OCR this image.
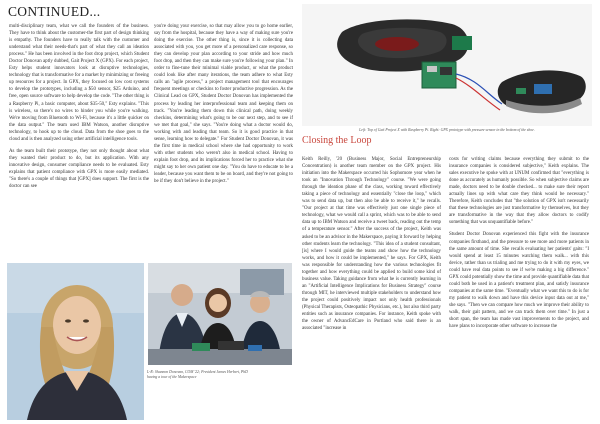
CONTINUED...

multi-disciplinary team, what we call the founders of the business. They have to think about the customer-the first part of design thinking is empathy. The founders have to really talk with the customer and understand what their needs-that's part of what they call an ideation process." He has been involved in the foot drop project, which Student Doctor Donovan aptly dubbed, Gait Project X (GPX). For each project, Esty helps student innovators look at disruptive technologies, technology that is transformative for a market by minimizing or freeing up resources for a project. In GPX, they focused on low cost systems to develop the prototypes, including a $50 sensor, $25 Arduino, and free, open source software to help develop the code. "The other thing is a Raspberry Pi, a basic computer, about $35-50," Esty explains. "This is wireless, so there's no wires to hinder you while you're walking. We're moving from Bluetooth to Wi-Fi, because it's a little quicker on the data output." The team used IBM Watson, another disruptive technology, to hook up to the cloud. Data from the shoe goes to the cloud and is then analyzed using other artificial intelligence tools.

As the team built their prototype, they not only thought about what they wanted their product to do, but its application. With any innovative design, consumer compliance needs to be evaluated. Esty explains that patient compliance with GPX is more easily mediated. "So there's a couple of things that [GPX] does support. The first is the doctor can see

you're doing your exercise, so that may allow you to go home earlier, say from the hospital, because they have a way of making sure you're doing the exercise. The other thing is, since it is collecting data associated with you, you get more of a personalized care response, so they can develop your plan according to your stride and how much foot drop, and then they can make sure you're following your plan." In order to fine-tune their minimal viable product, or what the product could look like after many iterations, the team adhere to what Esty calls an "agile process," a project management tool that encourages frequent meetings or checkins to foster productive progression. As the Clinical Lead on GPX, Student Doctor Donovan has implemented the process by leading her interprofessional team and keeping them on track. "You're leading them down this clinical path, doing weekly checkins, determining what's going to be our next step, and to see if we met that goal," she says. "You're doing what a doctor would do, working with and leading that team. So it is good practice in that sense, learning how to delegate." For Student Doctor Donovan, it was the first time in medical school where she had opportunity to work with other students who weren't also in medical school. Having to explain foot drop, and its implications forced her to practice what she might say to her own patient one day. "You do have to educate to be a leader, because you want them to be on board, and they're not going to be if they don't believe in the project."

Left: Top of Gait Project X with Raspberry Pi. Right: GPX prototype with pressure sensor in the bottom of the shoe.
Closing the Loop

Keith Reilly, '20 (Business Major, Social Entrepreneurship Concentration) is another team member on the GPX project. His initiation into the Makerspace occurred his Sophomore year when he took an "Innovation Through Technology" course. "We were going through the ideation phase of the class, working toward effectively taking a piece of technology and essentially "close the loop," which was to send data up, but then also be able to receive it," he recalls. "Our project at that time was effectively just one single piece of technology, what we would call a sprint, which was to be able to send data up to IBM Watson and receive a tweet back, reading out the temp of a temperature sensor." After the success of the project, Keith was asked to be an advisor in the Makerspace, paying it forward by helping other students learn the technology. "This idea of a student consultant, [is] where I would guide the teams and show how the technology works, and how it could be implemented," he says. For GPX, Keith was responsible for understanding how the various technologies fit together and how everything could be applied to build some kind of business value. Taking guidance from what he is currently learning in an "Artificial Intelligence Implications for Business Strategy" course through MIT, he interviewed multiple stakeholders to understand how the project could positively impact not only health professionals (Physical Therapists, Osteopathic Physicians, etc.), but also third party entities such as insurance companies. For instance, Keith spoke with the owner of AdvancEdCare in Portland who said there is an associated "increase in

costs for writing claims because everything they submit to the insurance companies is considered subjective," Keith explains. The sales executive he spoke with at UNUM confirmed that "everything is done as accurately as humanly possible. So when subjective claims are made, doctors need to be double checked... to make sure their report actually lines up with what care they think would be necessary." Therefore, Keith concludes that "the solution of GPX isn't necessarily that these technologies are just transformative by themselves, but they are transformative in the way that they allow doctors to codify something that was unquantifiable before."

Student Doctor Donovan experienced this fight with the insurance companies firsthand, and the pressure to see more and more patients in the same amount of time. She recalls evaluating her patients' gaits: "I would spend at least 15 minutes watching them walk... with this device, rather than us trialing and me trying to do it with my eyes, we could have real data points to see if we're making a big difference." GPX could potentially show the time and provide quantifiable data that could both be used in a patient's treatment plan, and satisfy insurance companies at the same time. "Eventually what we want this to do is for my patient to walk down and have this device input data out at me," she says. "Then we can compare how much we improve their ability to walk, their gait pattern, and we can track them over time." In just a short span, the team has made vast improvements to the project, and have plans to incorporate other software to increase the

L-R: Shannon Donovan, COM '22; President James Herbert, PhD having a tour of the Makerspace
